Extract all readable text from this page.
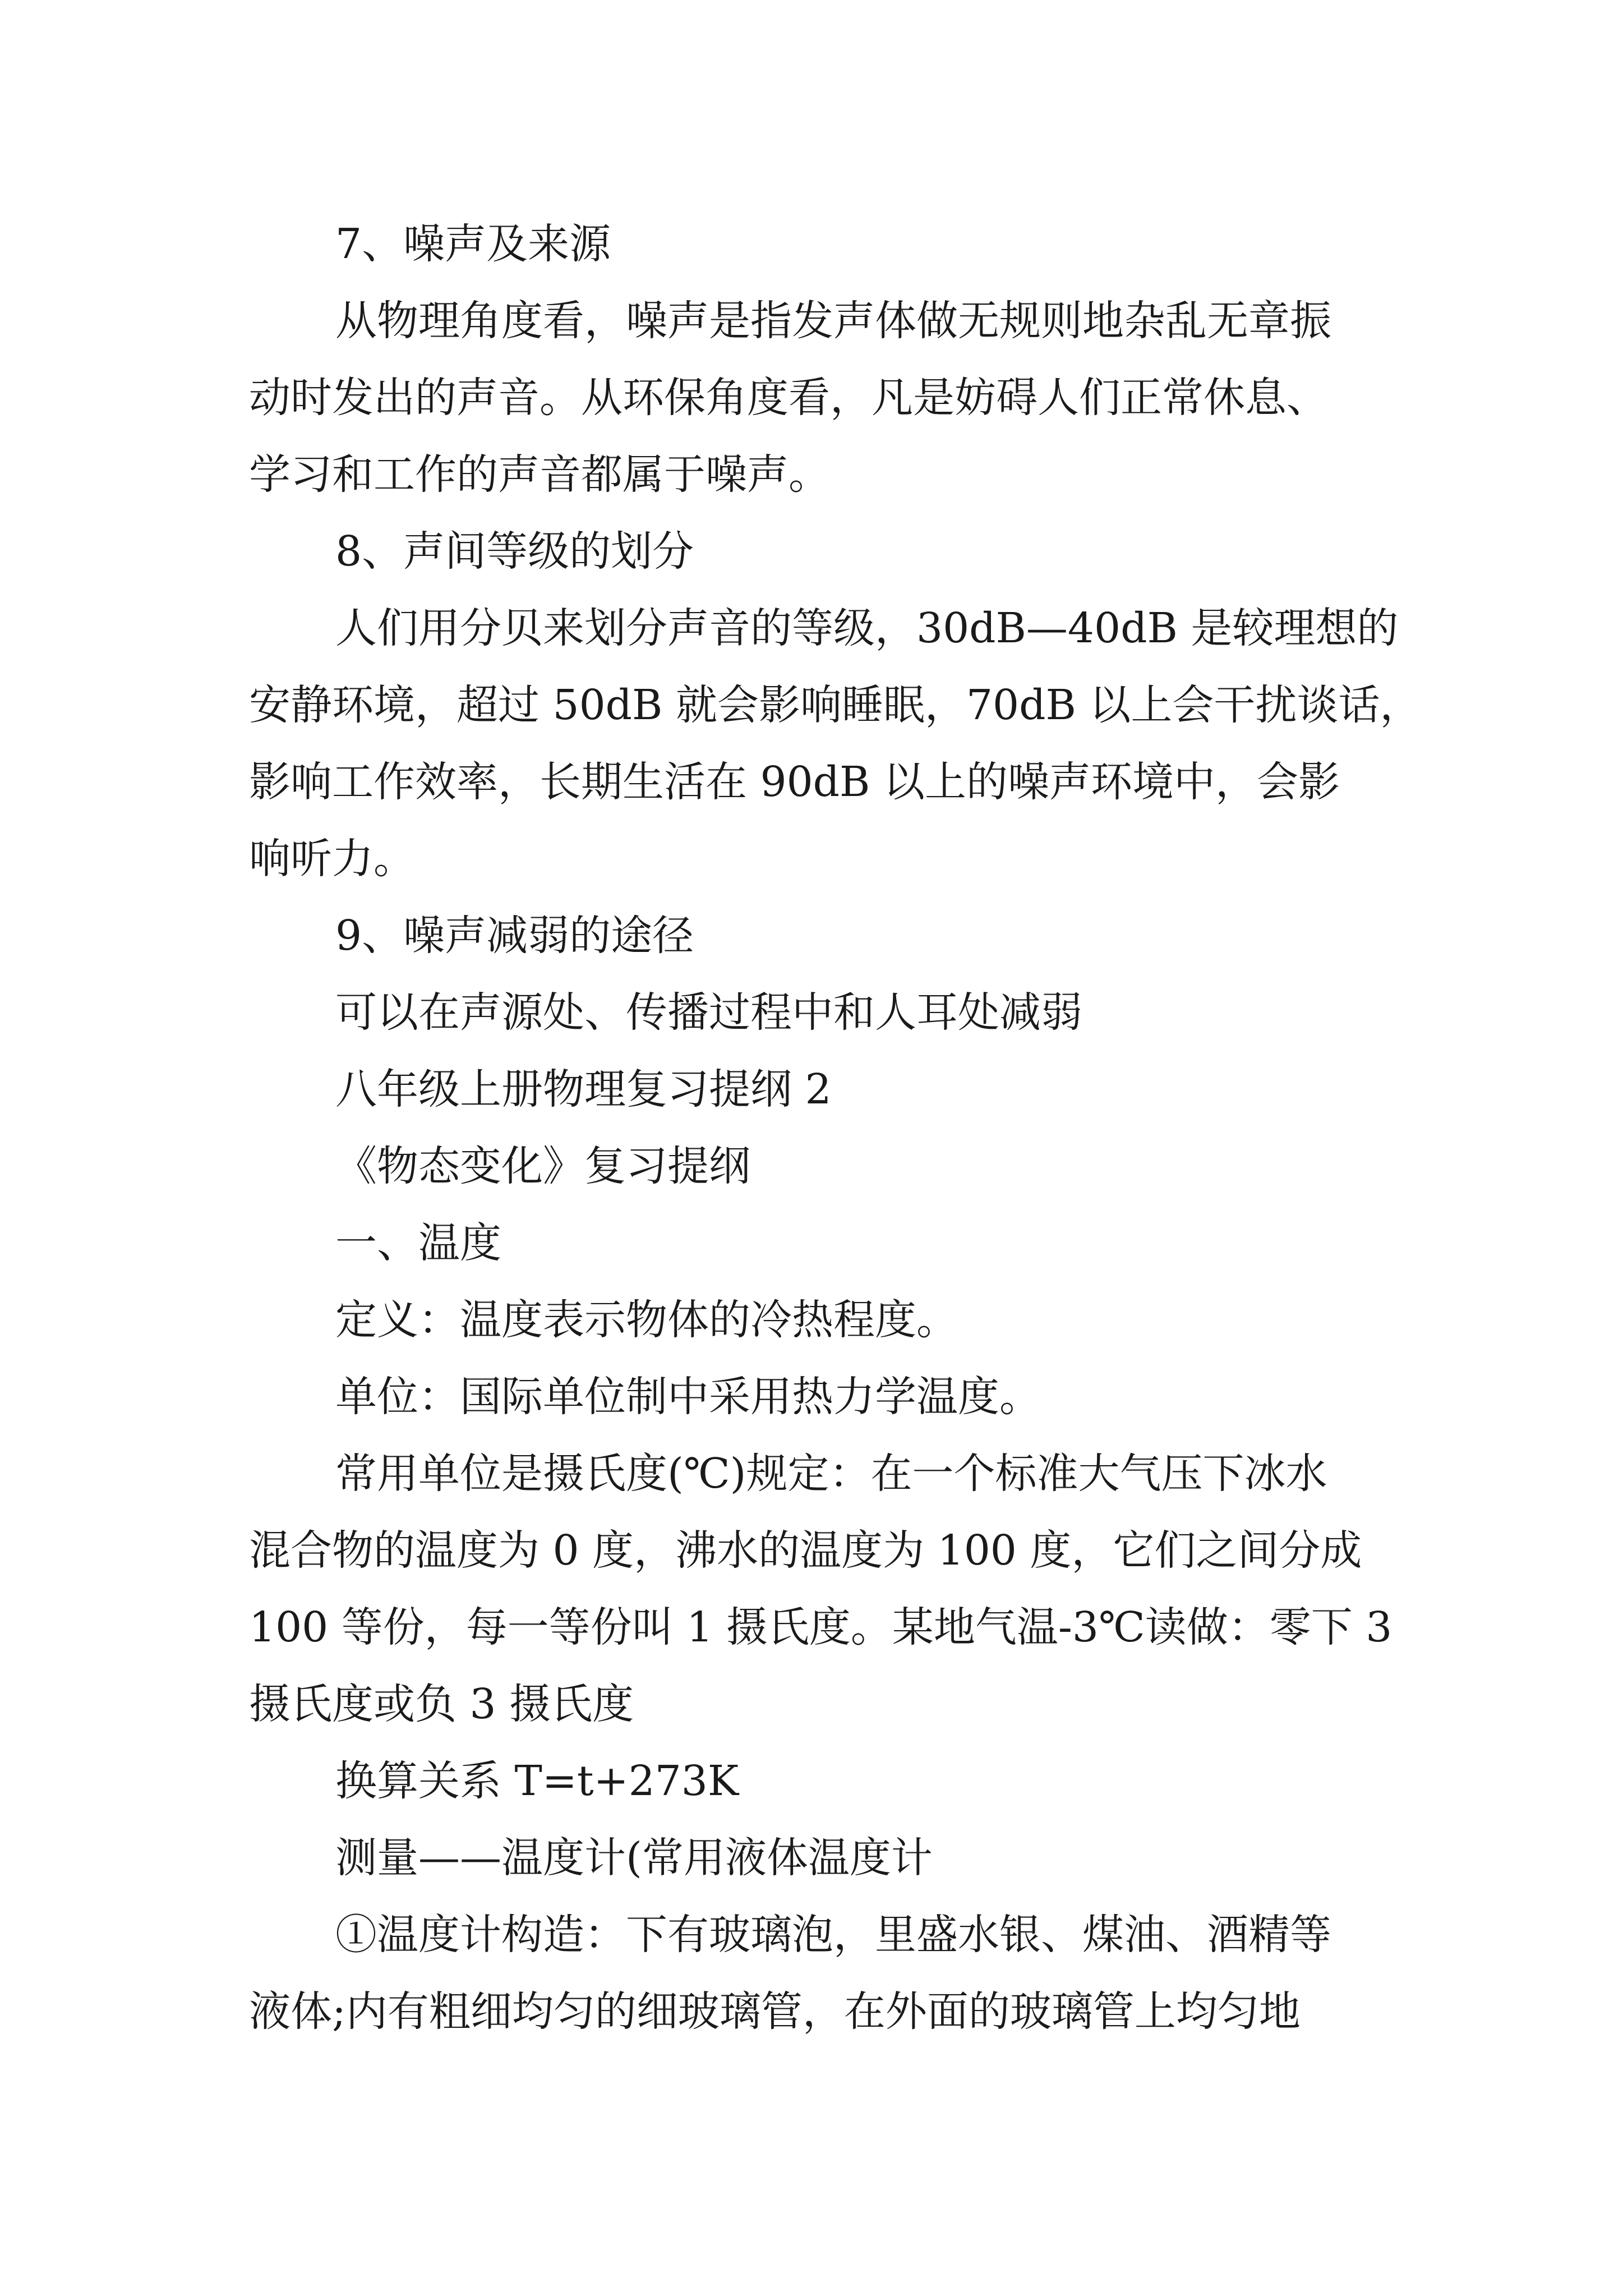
7、噪声及来源
从物理角度看，噪声是指发声体做无规则地杂乱无章振
动时发出的声音。从环保角度看，凡是妨碍人们正常休息、
学习和工作的声音都属于噪声。
8、声间等级的划分
人们用分贝来划分声音的等级，30dB—40dB 是较理想的
安静环境，超过 50dB 就会影响睡眠，70dB 以上会干扰谈话，
影响工作效率，长期生活在 90dB 以上的噪声环境中，会影
响听力。
9、噪声减弱的途径
可以在声源处、传播过程中和人耳处减弱
八年级上册物理复习提纲 2
《物态变化》复习提纲
一、温度
定义：温度表示物体的冷热程度。
单位：国际单位制中采用热力学温度。
常用单位是摄氏度(℃)规定：在一个标准大气压下冰水
混合物的温度为 0 度，沸水的温度为 100 度，它们之间分成
100 等份，每一等份叫 1 摄氏度。某地气温-3℃读做：零下 3
摄氏度或负 3 摄氏度
换算关系 T=t+273K
测量——温度计(常用液体温度计
①温度计构造：下有玻璃泡，里盛水银、煤油、酒精等
液体;内有粗细均匀的细玻璃管，在外面的玻璃管上均匀地
